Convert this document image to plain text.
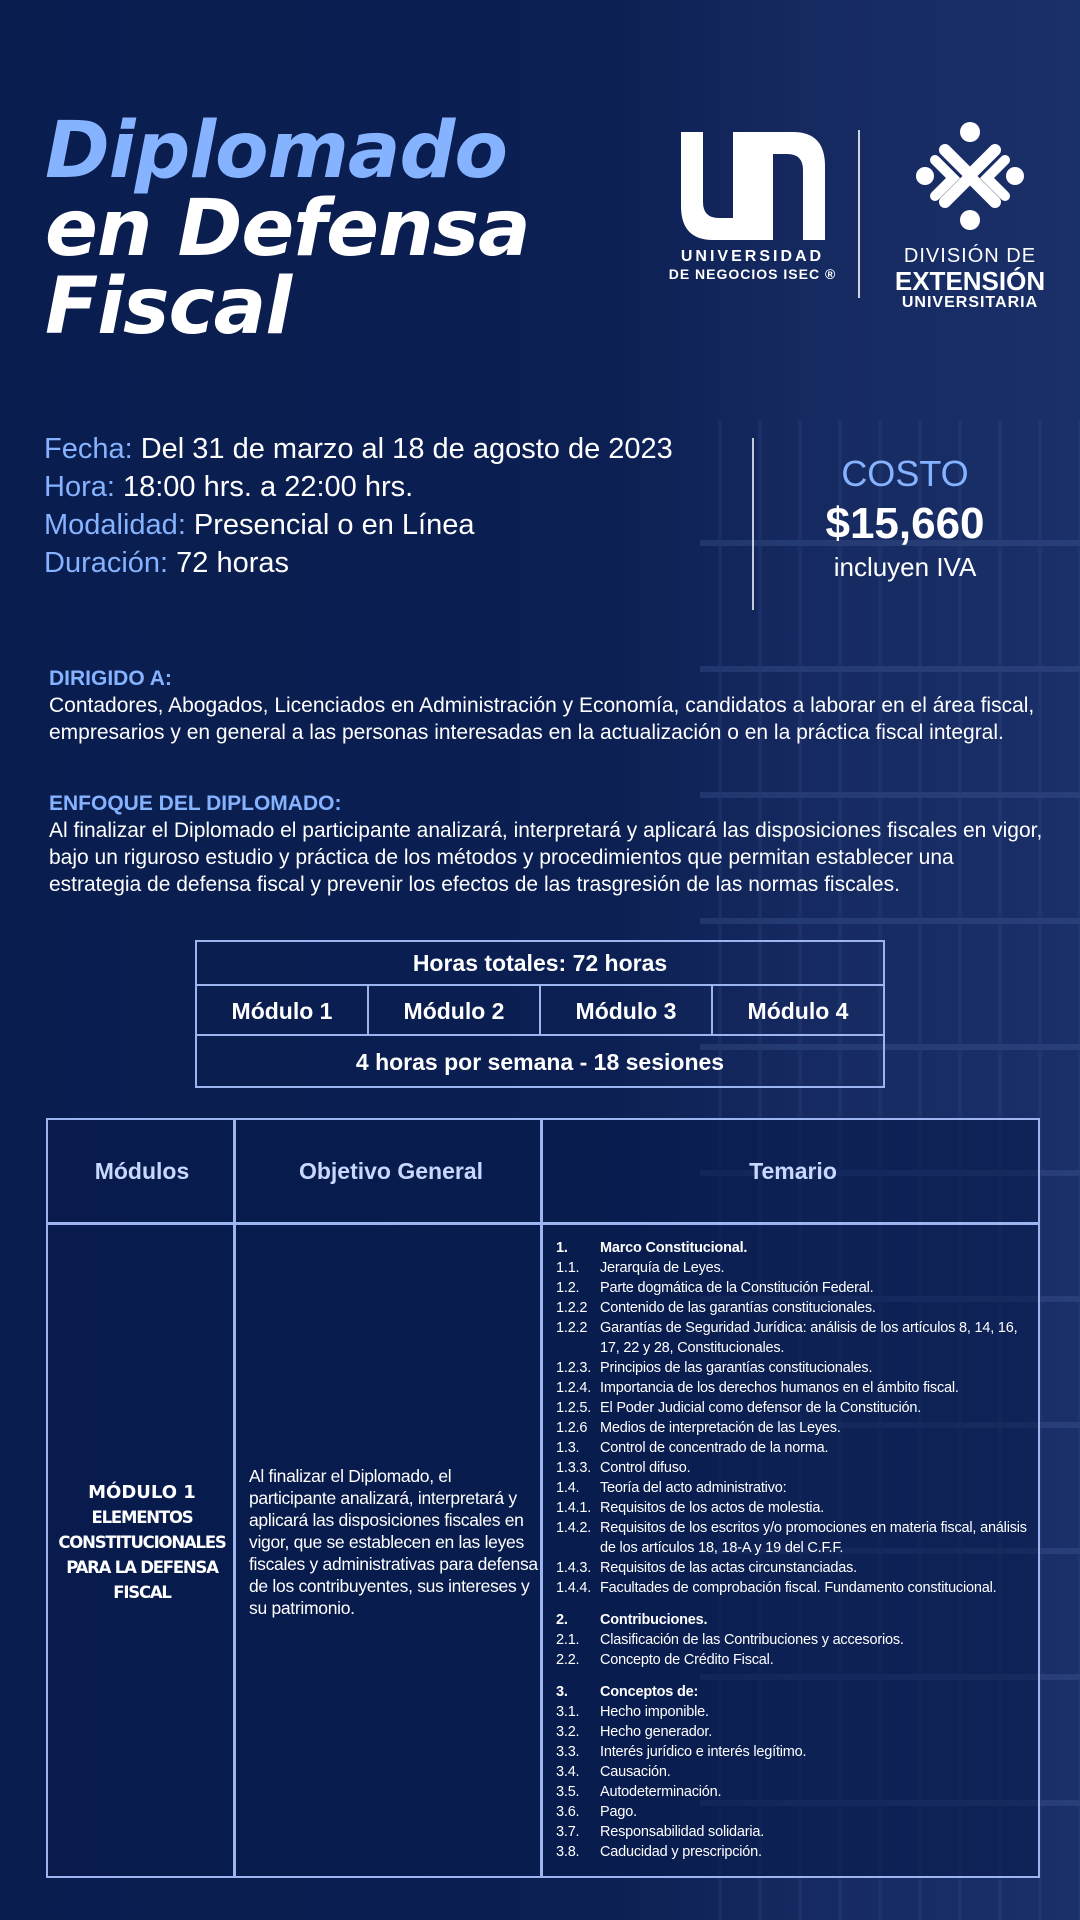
Diplomado
en Defensa
Fiscal
UNIVERSIDAD
DE NEGOCIOS ISEC ®
DIVISIÓN DE
EXTENSIÓN
UNIVERSITARIA
Fecha: Del 31 de marzo al 18 de agosto de 2023
Hora: 18:00 hrs. a 22:00 hrs.
Modalidad: Presencial o en Línea
Duración: 72 horas
COSTO
$15,660
incluyen IVA
DIRIGIDO A:

Contadores, Abogados, Licenciados en Administración y Economía, candidatos a laborar en el área fiscal, empresarios y en general a las personas interesadas en la actualización o en la práctica fiscal integral.

ENFOQUE DEL DIPLOMADO:

Al finalizar el Diplomado el participante analizará, interpretará y aplicará las disposiciones fiscales en vigor, bajo un riguroso estudio y práctica de los métodos y procedimientos que permitan establecer una estrategia de defensa fiscal y prevenir los efectos de las trasgresión de las normas fiscales.

Horas totales: 72 horas
Módulo 1	Módulo 2	Módulo 3	Módulo 4
4 horas por semana - 18 sesiones
Módulos	Objetivo General	Temario
MÓDULO 1
ELEMENTOS CONSTITUCIONALES PARA LA DEFENSA FISCAL
Al finalizar el Diplomado, el participante analizará, interpretará y aplicará las disposiciones fiscales en vigor, que se establecen en las leyes fiscales y administrativas para defensa de los contribuyentes, sus intereses y su patrimonio.
1.	Marco Constitucional.
1.1.	Jerarquía de Leyes.
1.2.	Parte dogmática de la Constitución Federal.
1.2.2 Contenido de las garantías constitucionales.
1.2.2 Garantías de Seguridad Jurídica: análisis de los artículos 8, 14, 16, 17, 22 y 28, Constitucionales.
1.2.3. Principios de las garantías constitucionales.
1.2.4. Importancia de los derechos humanos en el ámbito fiscal.
1.2.5. El Poder Judicial como defensor de la Constitución.
1.2.6 Medios de interpretación de las Leyes.
1.3.	Control de concentrado de la norma.
1.3.3. Control difuso.
1.4.	Teoría del acto administrativo:
1.4.1. Requisitos de los actos de molestia.
1.4.2. Requisitos de los escritos y/o promociones en materia fiscal, análisis de los artículos 18, 18-A y 19 del C.F.F.
1.4.3. Requisitos de las actas circunstanciadas.
1.4.4. Facultades de comprobación fiscal. Fundamento constitucional.
2.	Contribuciones.
2.1.	Clasificación de las Contribuciones y accesorios.
2.2.	Concepto de Crédito Fiscal.
3.	Conceptos de:
3.1.	Hecho imponible.
3.2.	Hecho generador.
3.3.	Interés jurídico e interés legítimo.
3.4.	Causación.
3.5.	Autodeterminación.
3.6.	Pago.
3.7.	Responsabilidad solidaria.
3.8.	Caducidad y prescripción.
